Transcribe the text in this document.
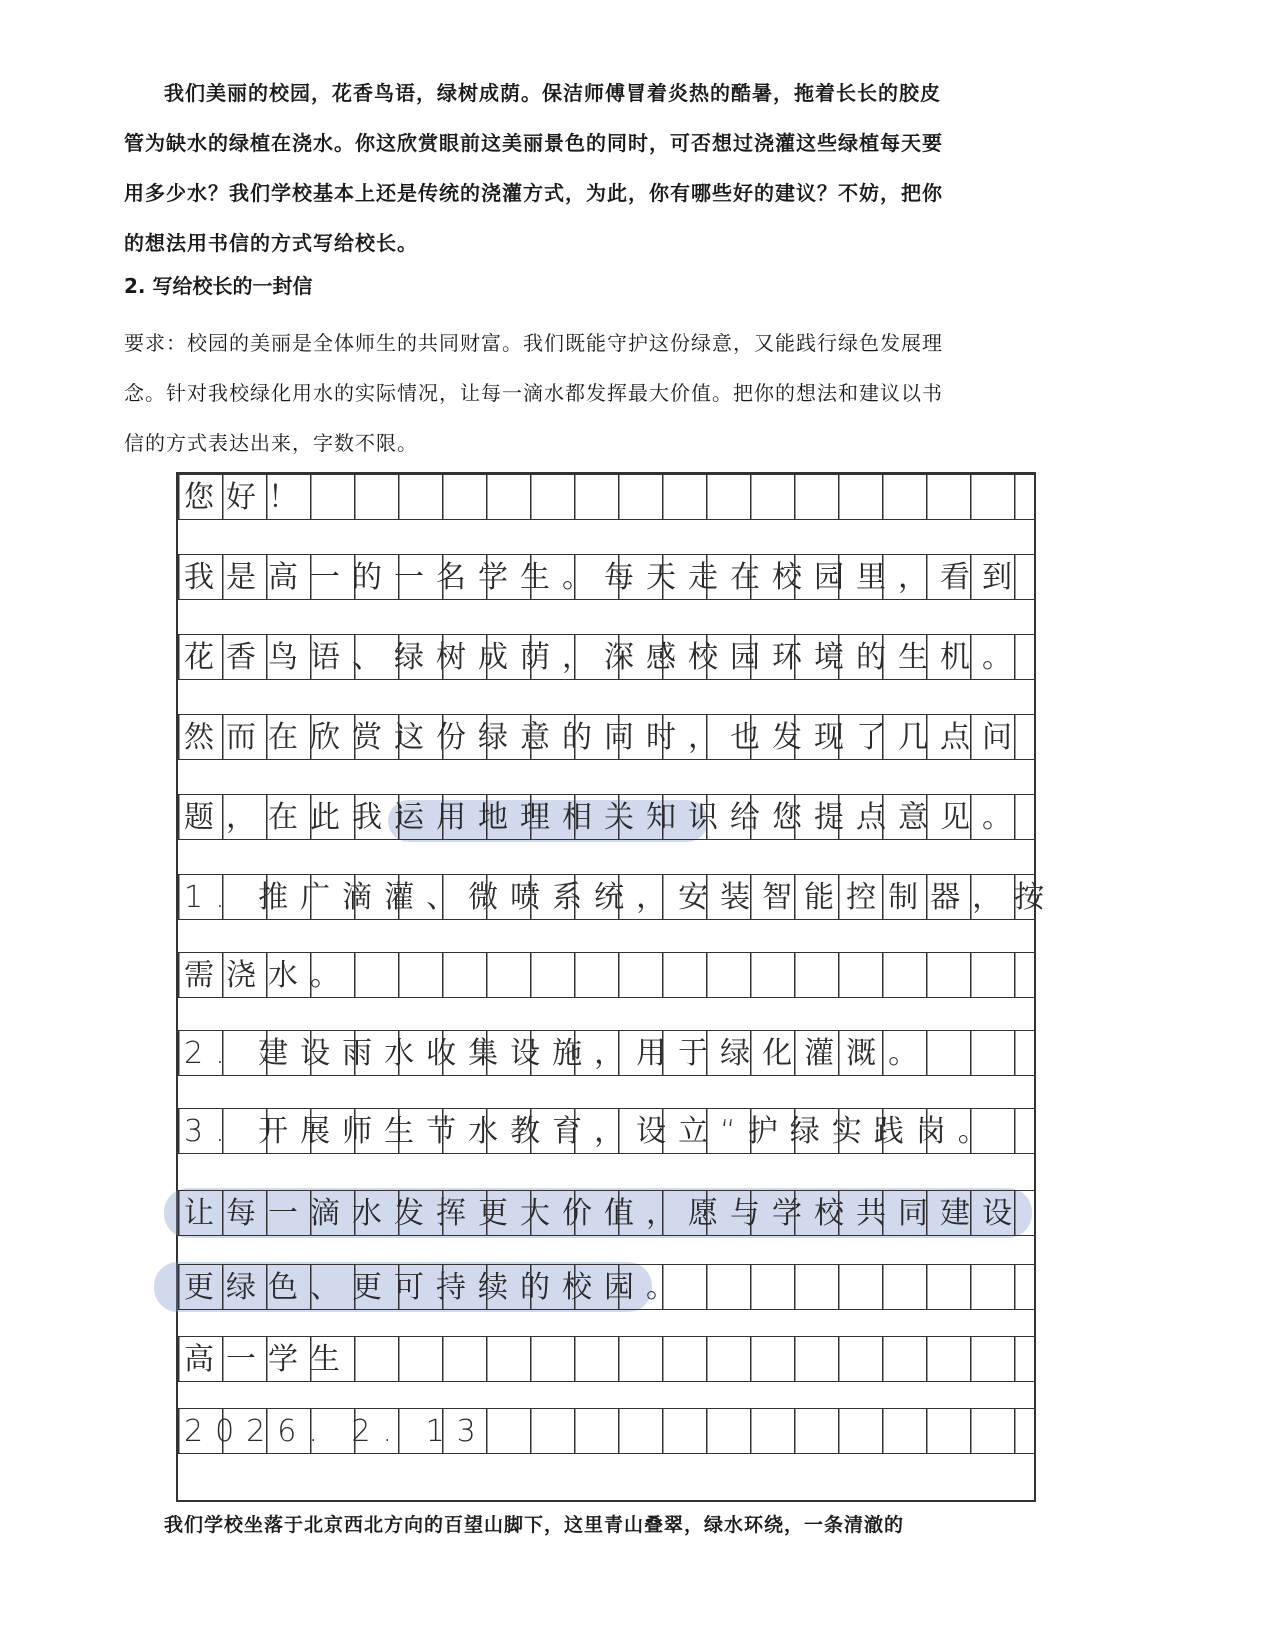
我们美丽的校园，花香鸟语，绿树成荫。保洁师傅冒着炎热的酷暑，拖着长长的胶皮

管为缺水的绿植在浇水。你这欣赏眼前这美丽景色的同时，可否想过浇灌这些绿植每天要

用多少水？我们学校基本上还是传统的浇灌方式，为此，你有哪些好的建议？不妨，把你

的想法用书信的方式写给校长。

2. 写给校长的一封信

要求：校园的美丽是全体师生的共同财富。我们既能守护这份绿意，又能践行绿色发展理

念。针对我校绿化用水的实际情况，让每一滴水都发挥最大价值。把你的想法和建议以书

信的方式表达出来，字数不限。

您好！
我是高一的一名学生。每天走在校园里，看到
花香鸟语、绿树成荫，深感校园环境的生机。
然而在欣赏这份绿意的同时，也发现了几点问
题，在此我运用地理相关知识给您提点意见。
1. 推广滴灌、微喷系统，安装智能控制器，按
需浇水。
2. 建设雨水收集设施，用于绿化灌溉。
3. 开展师生节水教育，设立“护绿实践岗。
让每一滴水发挥更大价值，愿与学校共同建设
更绿色、更可持续的校园。
高一学生
2026. 2. 13
我们学校坐落于北京西北方向的百望山脚下，这里青山叠翠，绿水环绕，一条清澈的
